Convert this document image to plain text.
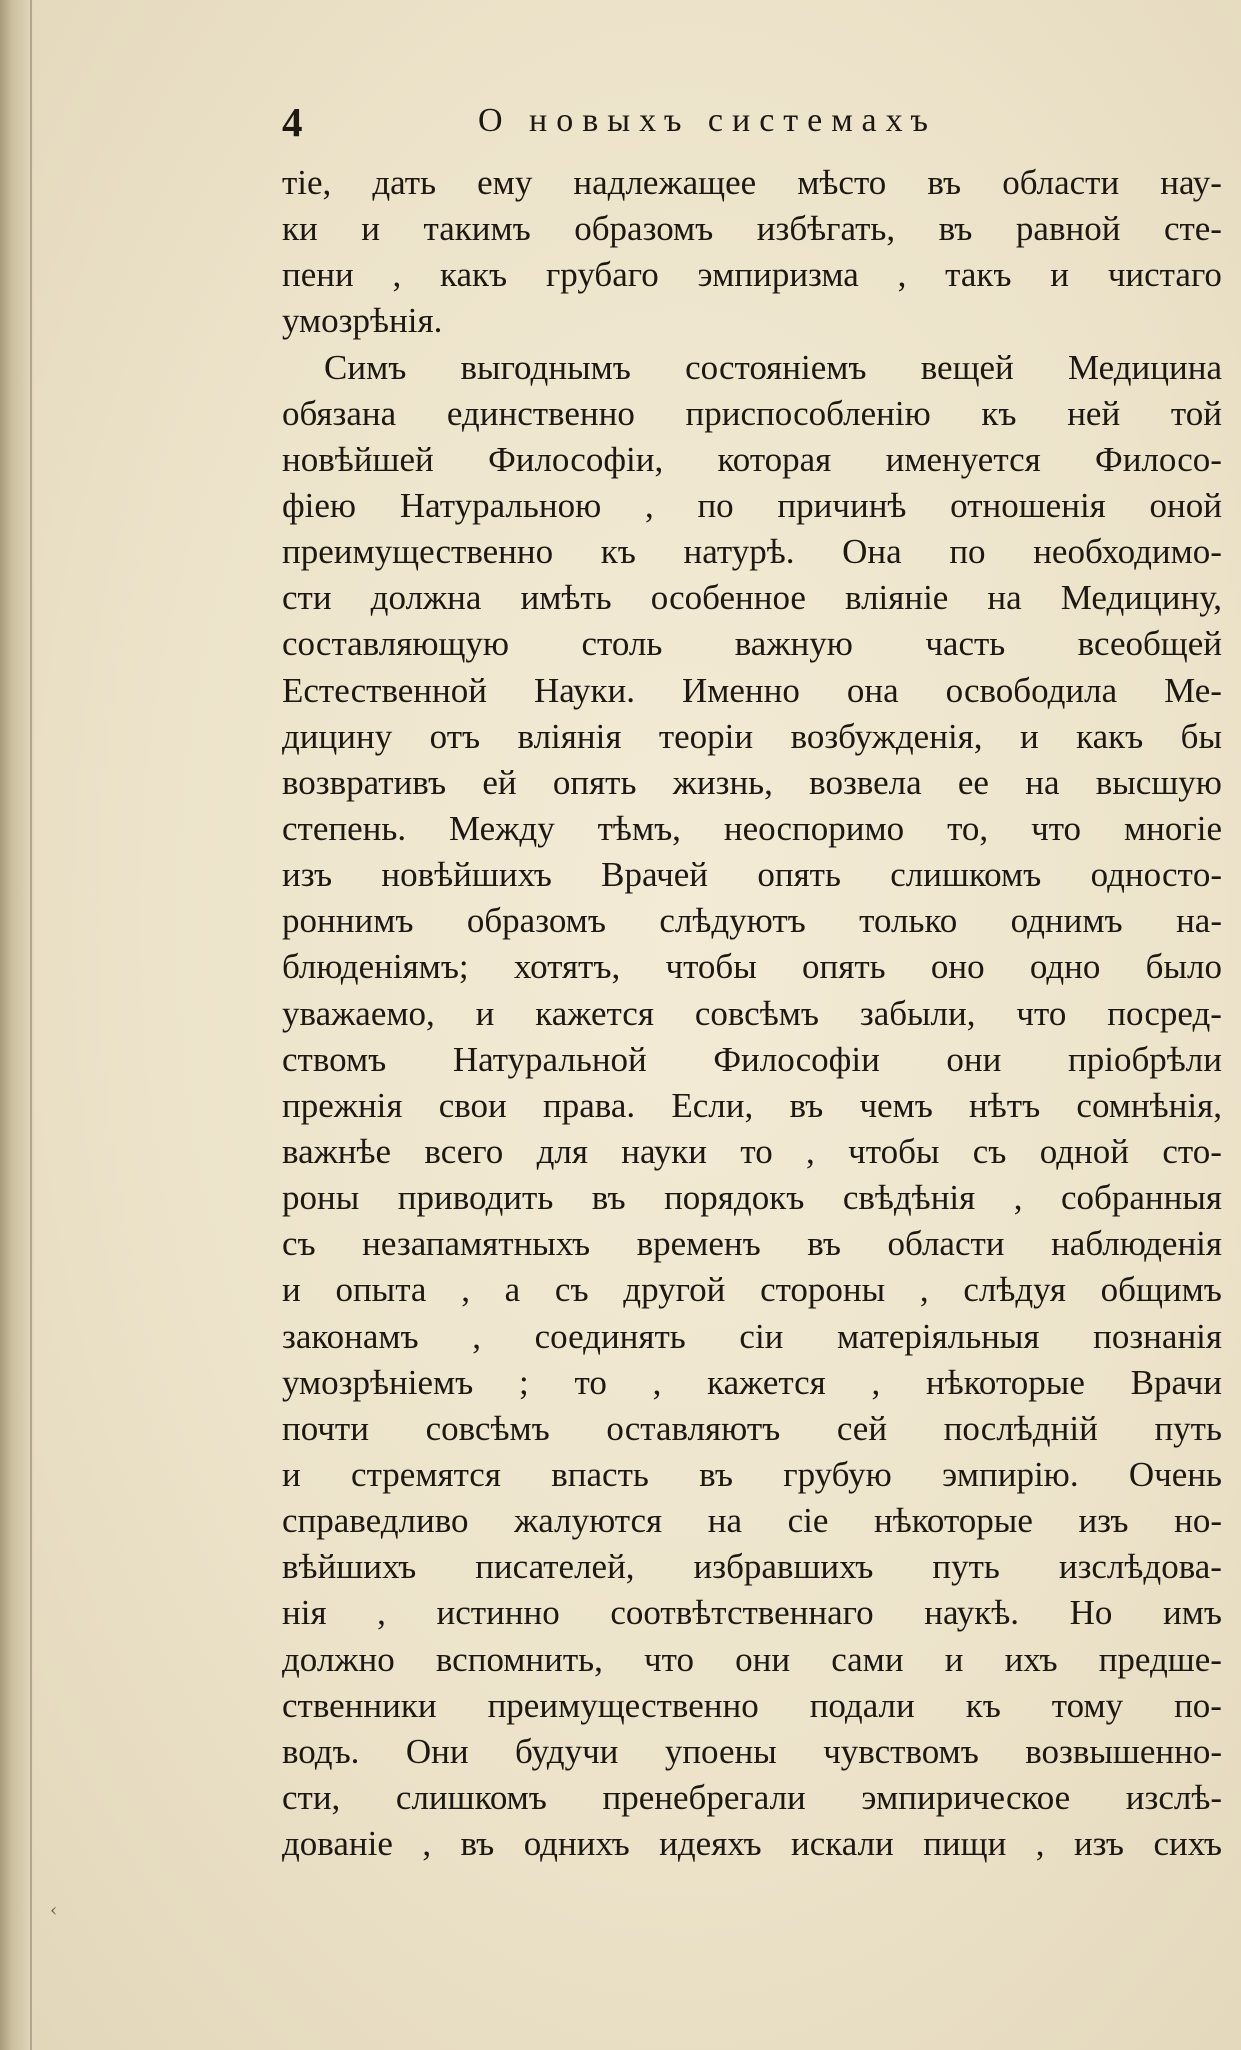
4	О новыхъ системахъ
тіе, дать ему надлежащее мѣсто въ области нау-
ки и такимъ образомъ избѣгать, въ равной сте-
пени , какъ грубаго эмпиризма , такъ и чистаго
умозрѣнія.
Симъ выгоднымъ состояніемъ вещей Медицина
обязана единственно приспособленію къ ней той
новѣйшей Философіи, которая именуется Филосо-
фіею Натуральною , по причинѣ отношенія оной
преимущественно къ натурѣ. Она по необходимо-
сти должна имѣть особенное вліяніе на Медицину,
составляющую столь важную часть всеобщей
Естественной Науки. Именно она освободила Ме-
дицину отъ вліянія теоріи возбужденія, и какъ бы
возвративъ ей опять жизнь, возвела ее на высшую
степень. Между тѣмъ, неоспоримо то, что многіе
изъ новѣйшихъ Врачей опять слишкомъ одностo-
роннимъ образомъ слѣдуютъ только однимъ на-
блюденіямъ; хотятъ, чтобы опять оно одно было
уважаемо, и кажется совсѣмъ забыли, что посред-
ствомъ Натуральной Философіи они пріобрѣли
прежнія свои права. Если, въ чемъ нѣтъ сомнѣнія,
важнѣе всего для науки то , чтобы съ одной сто-
роны приводить въ порядокъ свѣдѣнія , собранныя
съ незапамятныхъ временъ въ области наблюденія
и опыта , а съ другой стороны , слѣдуя общимъ
законамъ , соединять сіи матеріяльныя познанія
умозрѣніемъ ; то , кажется , нѣкоторые Врачи
почти совсѣмъ оставляютъ сей послѣдній путь
и стремятся впасть въ грубую эмпирію. Очень
справедливо жалуются на сіе нѣкоторые изъ но-
вѣйшихъ писателей, избравшихъ путь изслѣдова-
нія , истинно соотвѣтственнаго наукѣ. Но имъ
должно вспомнить, что они сами и ихъ предше-
ственники преимущественно подали къ тому по-
водъ. Они будучи упоены чувствомъ возвышенно-
сти, слишкомъ пренебрегали эмпирическое изслѣ-
дованіе , въ однихъ идеяхъ искали пищи , изъ сихъ
‹
